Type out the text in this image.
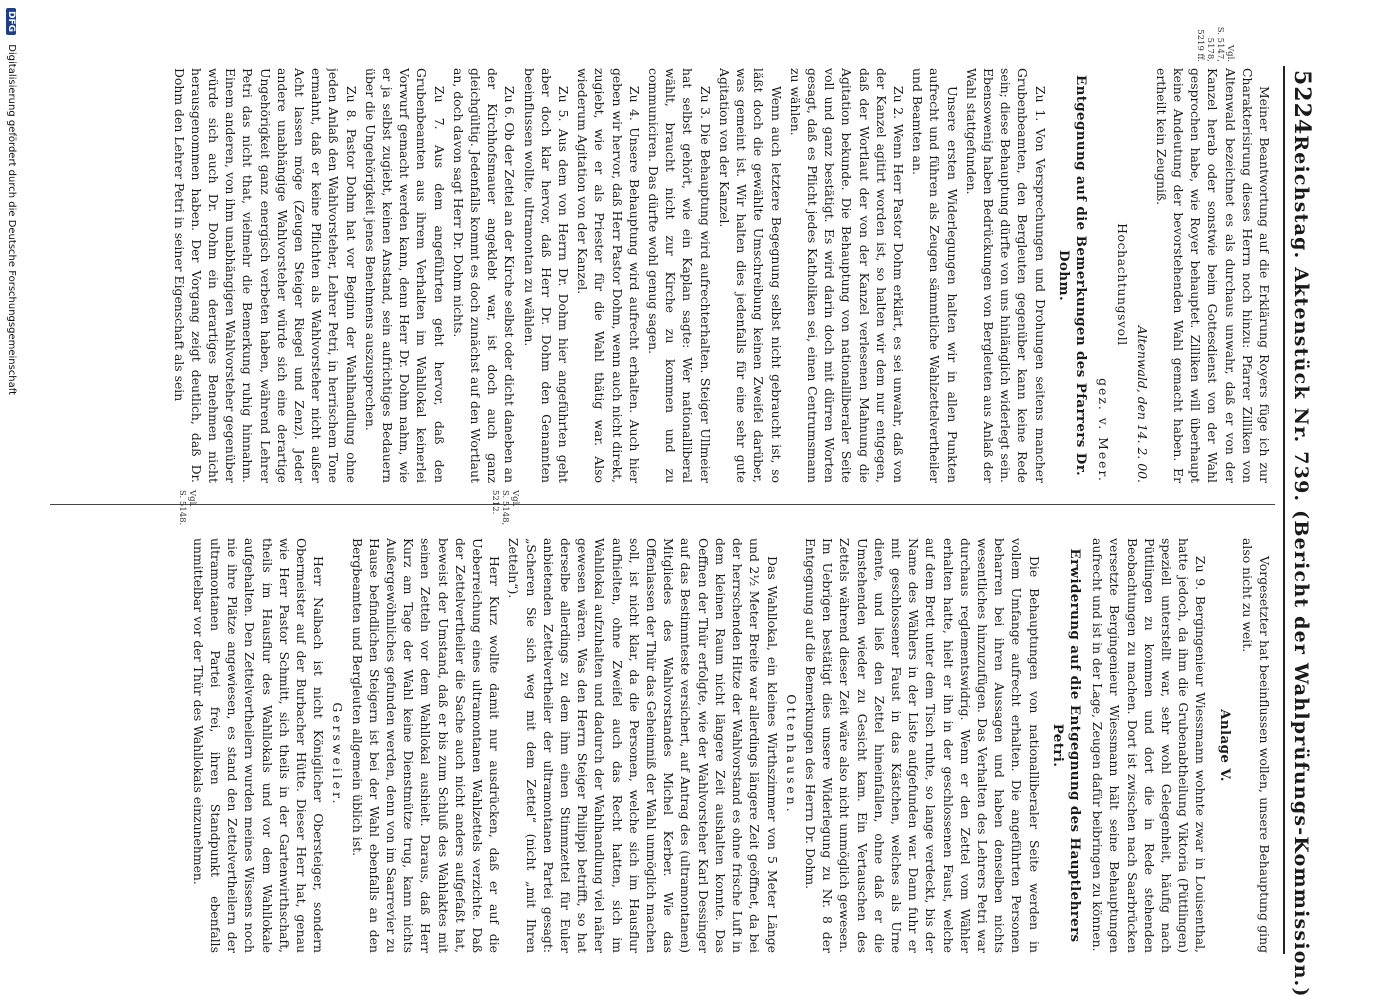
5224
Reichstag. Aktenstück Nr. 739. (Bericht der Wahlprüfungs-Kommission.)
Vgl.
S. 5147,
5178,
5219 ff.

Meiner Beantwortung auf die Erklärung Royers füge ich zur Charakterisirung dieses Herrn noch hinzu: Pfarrer Zilliken von Altenwald bezeichnet es als durchaus unwahr, daß er von der Kanzel herab oder sonstwie beim Gottesdienst von der Wahl gesprochen habe, wie Royer behauptet. Zilliken will überhaupt keine Andeutung der bevorstehenden Wahl gemacht haben. Er ertheilt kein Zeugniß.

Altenwald, den 14. 2. 00.

Hochachtungsvoll

gez. v. Meer.

Entgegnung auf die Bemerkungen des Pfarrers Dr. Dohm.

Zu 1. Von Versprechungen und Drohungen seitens mancher Grubenbeamten, den Bergleuten gegenüber kann keine Rede sein; diese Behauptung dürfte von uns hinlänglich widerlegt sein. Ebensowenig haben Bedrückungen von Bergleuten aus Anlaß der Wahl stattgefunden.

Unsere ersten Widerlegungen halten wir in allen Punkten aufrecht und führen als Zeugen sämmtliche Wahlzettelvertheiler und Beamten an.

Zu 2. Wenn Herr Pastor Dohm erklärt, es sei unwahr, daß von der Kanzel agitirt worden ist, so halten wir dem nur entgegen, daß der Wortlaut der von der Kanzel verlesenen Mahnung die Agitation bekunde. Die Behauptung von nationalliberaler Seite voll und ganz bestätigt. Es wird darin doch mit dürren Worten gesagt, daß es Pflicht jedes Katholiken sei, einen Centrumsmann zu wählen.

Wenn auch letztere Begegnung selbst nicht gebraucht ist, so läßt doch die gewählte Umschreibung keinen Zweifel darüber, was gemeint ist. Wir halten dies jedenfalls für eine sehr gute Agitation von der Kanzel.

Zu 3. Die Behauptung wird aufrechterhalten. Steiger Ullmeier hat selbst gehört, wie ein Kaplan sagte: Wer nationalliberal wählt, braucht nicht zur Kirche zu kommen und zu communiciren. Das dürfte wohl genug sagen.

Zu 4. Unsere Behauptung wird aufrecht erhalten. Auch hier geben wir hervor, daß Herr Pastor Dohm, wenn auch nicht direkt, zugiebt, wie er als Priester für die Wahl thätig war. Also wiederum Agitation von der Kanzel.

Zu 5. Aus dem von Herrn Dr. Dohm hier angeführten geht aber doch klar hervor, daß Herr Dr. Dohm den Genannten beeinflussen wollte, ultramontan zu wählen.

Zu 6. Ob der Zettel an der Kirche selbst oder dicht daneben an der Kirchhofsmauer angeklebt war, ist doch auch ganz gleichgültig. Jedenfalls kommt es doch zunächst auf den Wortlaut an, doch davon sagt Herr Dr. Dohm nichts.

Zu 7. Aus dem angeführten geht hervor, daß den Grubenbeamten aus ihrem Verhalten im Wahllokal keinerlei Vorwurf gemacht werden kann, denn Herr Dr. Dohm nahm, wie er ja selbst zugiebt, keinen Anstand, sein aufrichtiges Bedauern über die Ungehörigkeit jenes Benehmens auszusprechen.

Zu 8. Pastor Dohm hat vor Beginn der Wahlhandlung ohne jeden Anlaß den Wahlvorsteher, Lehrer Petri, in herrischem Tone ermahnt, daß er keine Pflichten als Wahlvorsteher nicht außer Acht lassen möge (Zeugen Steiger Riegel und Zenz). Jeder andere unabhängige Wahlvorsteher würde sich eine derartige Ungehörigkeit ganz energisch verbeten haben, während Lehrer Petri das nicht that, vielmehr die Bemerkung ruhig hinnahm. Einem anderen, von ihm unabhängigen Wahlvorsteher gegenüber würde sich auch Dr. Dohm ein derartiges Benehmen nicht herausgenommen haben. Der Vorgang zeigt deutlich, daß Dr. Dohm den Lehrer Petri in seiner Eigenschaft als sein

Vgl.
S. 5148,
5212.
Vgl.
S. 5148.

Vorgesetzter hat beeinflussen wollen, unsere Behauptung ging also nicht zu weit.

Anlage V.

Zu 9. Bergingenieur Wiessmann wohnte zwar in Louisenthal, hatte jedoch, da ihm die Grubenabtheilung Viktoria (Püttlingen) speziell unterstellt war, sehr wohl Gelegenheit, häufig nach Püttlingen zu kommen und dort die in Rede stehenden Beobachtungen zu machen. Dort ist zwischen nach Saarbrücken versetzte Bergingenieur Wiessmann hält seine Behauptungen aufrecht und ist in der Lage, Zeugen dafür beibringen zu können.

Erwiderung auf die Entgegnung des Hauptlehrers Petri.

Die Behauptungen von nationalliberaler Seite werden in vollem Umfange aufrecht erhalten. Die angeführten Personen beharren bei ihren Aussagen und haben denselben nichts wesentliches hinzuzufügen. Das Verhalten des Lehrers Petri war durchaus reglementswidrig. Wenn er den Zettel vom Wähler erhalten hatte, hielt er ihn in der geschlossenen Faust, welche auf dem Brett unter dem Tisch ruhte, so lange verdeckt, bis der Name des Wählers in der Liste aufgefunden war. Dann fuhr er mit geschlossener Faust in das Kästchen, welches als Urne diente, und ließ den Zettel hineinfallen, ohne daß er die Umstehenden wieder zu Gesicht kam. Ein Vertauschen des Zettels während dieser Zeit wäre also nicht unmöglich gewesen. Im Uebrigen bestätigt dies unsere Widerlegung zu Nr. 8 der Entgegnung auf die Bemerkungen des Herrn Dr. Dohm.

Ottenhausen.

Das Wahllokal, ein kleines Wirthszimmer von 5 Meter Länge und 2½ Meter Breite war allerdings längere Zeit geöffnet, da bei der herrschenden Hitze der Wahlvorstand es ohne frische Luft in dem kleinen Raum nicht längere Zeit aushalten konnte. Das Oeffnen der Thür erfolgte, wie der Wahlvorsteher Karl Dessinger auf das Bestimmteste versichert, auf Antrag des (ultramontanen) Mitgliedes des Wahlvorstandes Michel Kerber. Wie das Offenlassen der Thür das Geheimniß der Wahl unmöglich machen soll, ist nicht klar, da die Personen, welche sich im Hausflur aufhielten, ohne Zweifel auch das Recht hatten, sich im Wahllokal aufzuhalten und dadurch der Wahlhandlung viel näher gewesen wären. Was den Herrn Steiger Philippi betrifft, so hat derselbe allerdings zu dem ihm einen Stimmzettel für Euler anbietenden Zettelvertheiler der ultramontanen Partei gesagt: „Scheren Sie sich weg mit dem Zettel“ (nicht „mit Ihren Zetteln“).

Herr Kurz wollte damit nur ausdrücken, daß er auf die Ueberreichung eines ultramontanen Wahlzettels verzichte. Daß der Zettelvertheiler die Sache auch nicht anders aufgefaßt hat, beweist der Umstand, daß er bis zum Schluß des Wahlaktes mit seinen Zetteln vor dem Wahllokal aushielt. Daraus, daß Herr Kurz am Tage der Wahl keine Dienstmütze trug, kann nichts Außergewöhnliches gefunden werden, denn von im Saarrevier zu Hause befindlichen Steigern ist bei der Wahl ebenfalls an den Bergbeamten und Bergleuten allgemein üblich ist.

Gersweiler.

Herr Nalbach ist nicht Königlicher Obersteiger, sondern Obermeister auf der Burbacher Hütte. Dieser Herr hat, genau wie Herr Pastor Schmitt, sich theils in der Gartenwirthschaft, theils im Hausflur des Wahllokals und vor dem Wahllokale aufgehalten. Den Zettelvertheilern wurden meines Wissens noch nie ihre Plätze angewiesen, es stand den Zettelvertheilern der ultramontanen Partei frei, ihren Standpunkt ebenfalls unmittelbar vor der Thür des Wahllokals einzunehmen.

DFG Digitalisierung gefördert durch die Deutsche Forschungsgemeinschaft
